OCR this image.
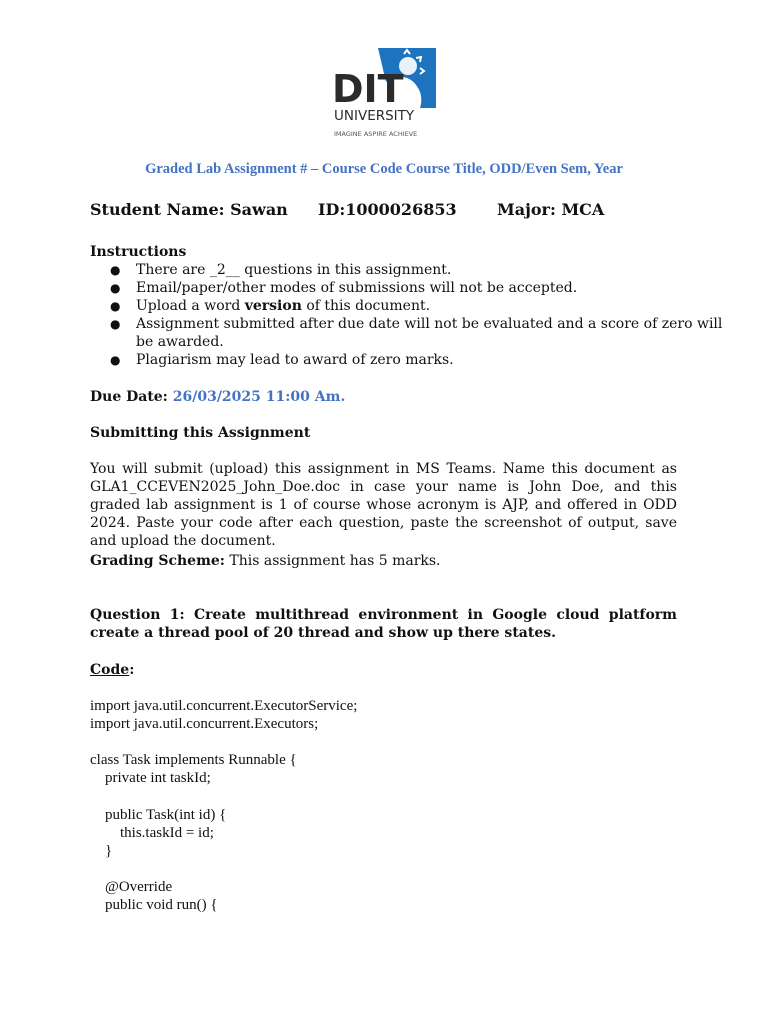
DIT
UNIVERSITY
IMAGINE ASPIRE ACHIEVE
Graded Lab Assignment # – Course Code Course Title, ODD/Even Sem, Year
Student Name: Sawan ID:1000026853	Major: MCA
Instructions
● There are _2__ questions in this assignment.
● Email/paper/other modes of submissions will not be accepted.
● Upload a word version of this document.
● Assignment submitted after due date will not be evaluated and a score of zero will be awarded.
● Plagiarism may lead to award of zero marks.
Due Date: 26/03/2025 11:00 Am.
Submitting this Assignment
You will submit (upload) this assignment in MS Teams. Name this document as GLA1_CCEVEN2025_John_Doe.doc in case your name is John Doe, and this graded lab assignment is 1 of course whose acronym is AJP, and offered in ODD 2024. Paste your code after each question, paste the screenshot of output, save and upload the document.
Grading Scheme: This assignment has 5 marks.
Question 1: Create multithread environment in Google cloud platform create a thread pool of 20 thread and show up there states.
Code:
import java.util.concurrent.ExecutorService;
import java.util.concurrent.Executors;
class Task implements Runnable {
private int taskId;
public Task(int id) {
this.taskId = id;
}
@Override
public void run() {
